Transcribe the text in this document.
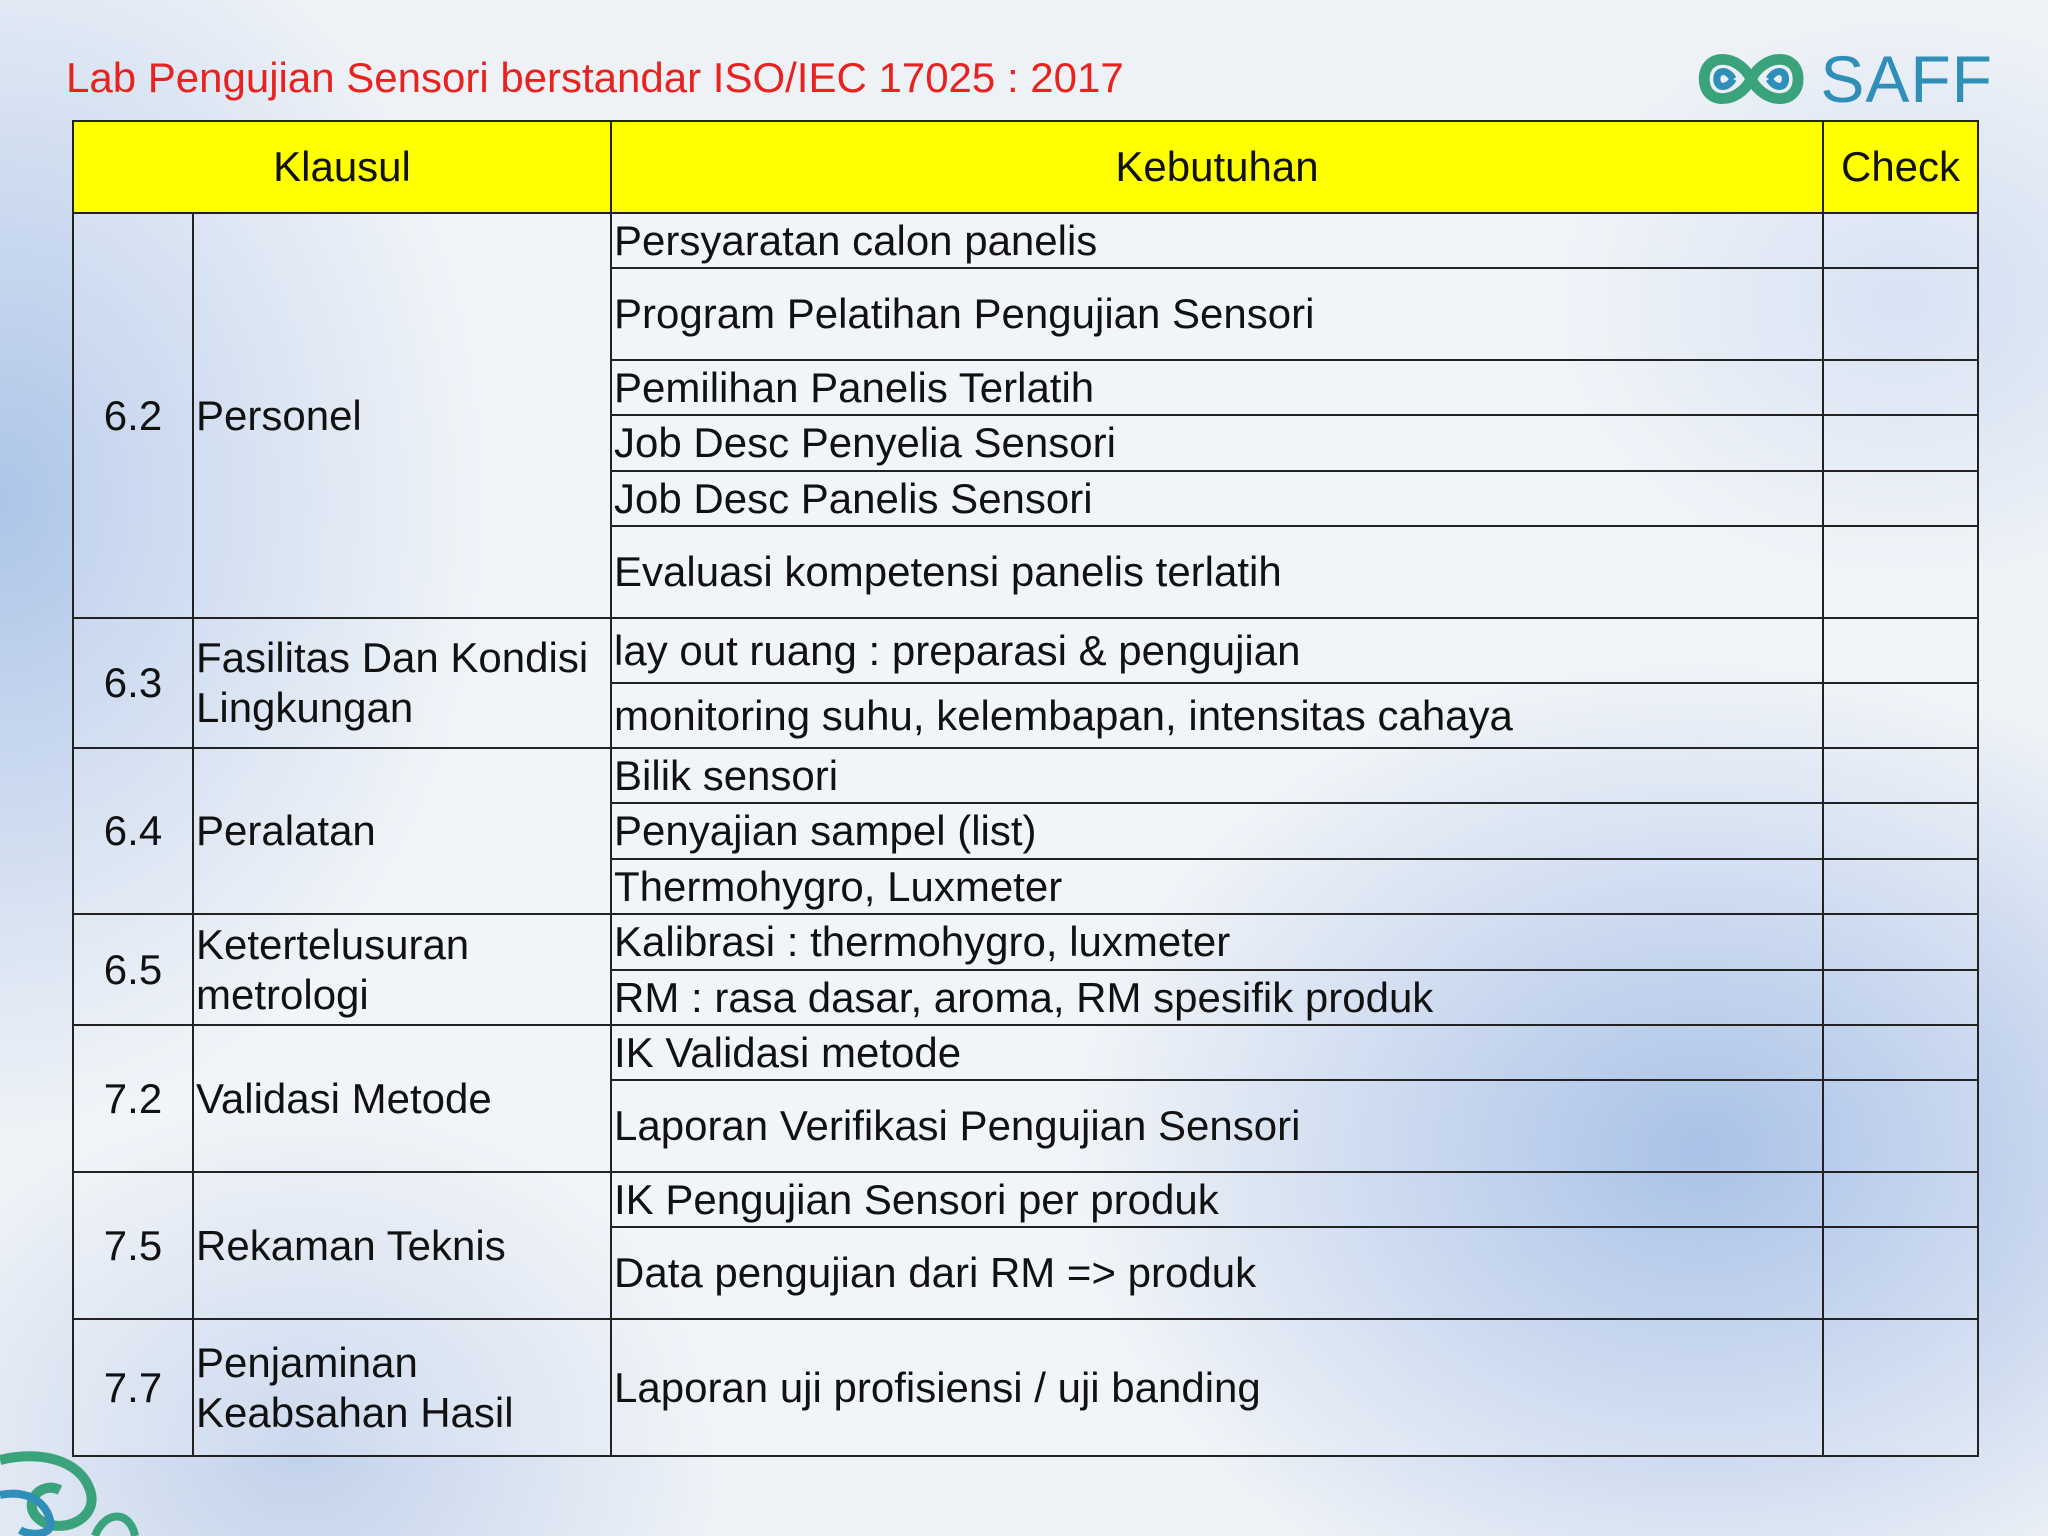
Lab Pengujian Sensori berstandar ISO/IEC 17025 : 2017	SAFF
Klausul		Kebutuhan	Check
6.2	Personel	Persyaratan calon panelis	
		Program Pelatihan Pengujian Sensori	
		Pemilihan Panelis Terlatih	
		Job Desc Penyelia Sensori	
		Job Desc Panelis Sensori	
		Evaluasi kompetensi panelis terlatih	
6.3	Fasilitas Dan Kondisi Lingkungan	lay out ruang : preparasi & pengujian	
		monitoring suhu, kelembapan, intensitas cahaya	
6.4	Peralatan	Bilik sensori	
		Penyajian sampel (list)	
		Thermohygro, Luxmeter	
6.5	Ketertelusuran metrologi	Kalibrasi : thermohygro, luxmeter	
		RM : rasa dasar, aroma, RM spesifik produk	
7.2	Validasi Metode	IK Validasi metode	
		Laporan Verifikasi Pengujian Sensori	
7.5	Rekaman Teknis	IK Pengujian Sensori per produk	
		Data pengujian dari RM => produk	
7.7	Penjaminan Keabsahan Hasil	Laporan uji profisiensi / uji banding	
